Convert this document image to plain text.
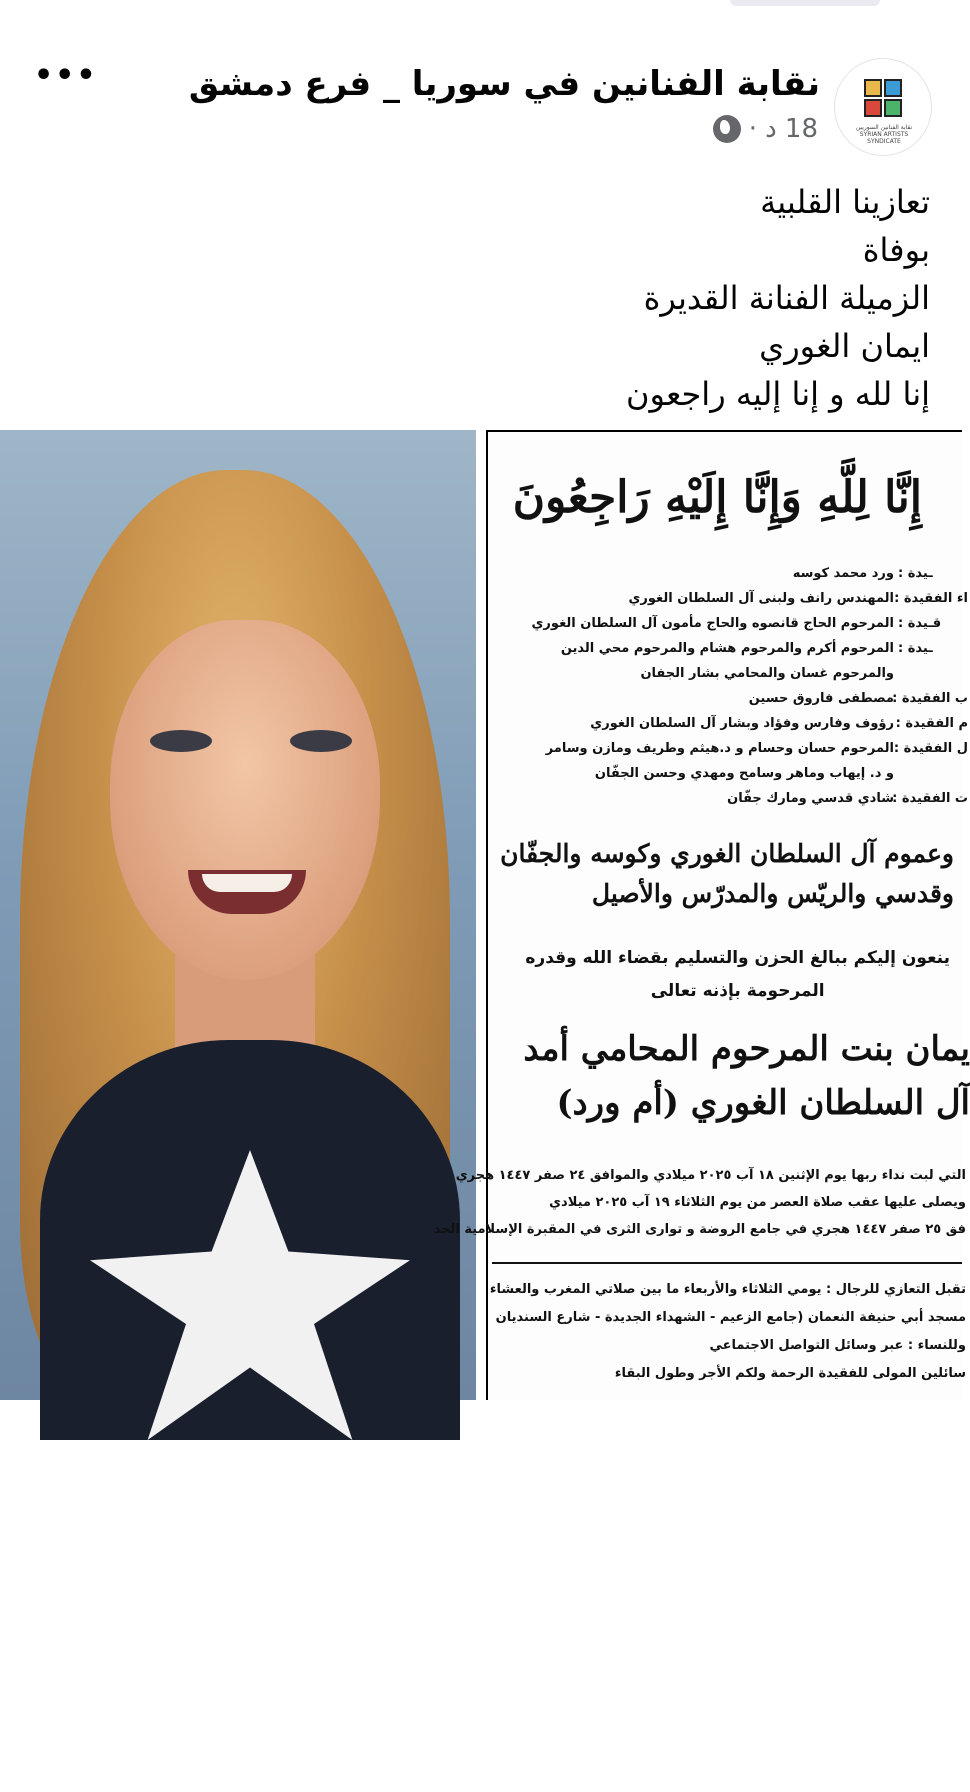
نقابة الفنانين السوريين SYRIAN ARTISTS SYNDICATE
نقابة الفنانين في سوريا _ فرع دمشق
18 د
·
•••
تعازينا القلبية
بوفاة
الزميلة الفنانة القديرة
ايمان الغوري
إنا لله و إنا إليه راجعون
elCinema
إِنَّا لِلَّهِ وَإِنَّا إِلَيْهِ رَاجِعُونَ
ـيدة :
ورد محمد كوسه
اء الفقيدة :
المهندس رانف ولبنى آل السلطان الغوري
قـيدة :
المرحوم الحاج قانصوه والحاج مأمون آل السلطان الغوري
ـيدة :
المرحوم أكرم والمرحوم هشام والمرحوم محي الدين
والمرحوم غسان والمحامي بشار الجفان
ب الفقيدة :
مصطفى فاروق حسين
م الفقيدة :
رؤوف وفارس وفؤاد وبشار آل السلطان الغوري
ل الفقيدة :
المرحوم حسان وحسام و د.هيثم وطريف ومازن وسامر
و د. إيهاب وماهر وسامح ومهدي وحسن الجفّان
ت الفقيدة :
شادي قدسي ومارك جفّان
وعموم آل السلطان الغوري وكوسه والجفّان
وقدسي والريّس والمدرّس والأصيل
ينعون إليكم ببالغ الحزن والتسليم بقضاء الله وقدره
المرحومة بإذنه تعالى
يمان بنت المرحوم المحامي أمد
آل السلطان الغوري (أم ورد)
التي لبت نداء ربها يوم الإثنين ١٨ آب ٢٠٢٥ ميلادي والموافق ٢٤ صفر ١٤٤٧ هجري
ويصلى عليها عقب صلاة العصر من يوم الثلاثاء ١٩ آب ٢٠٢٥ ميلادي
فق ٢٥ صفر ١٤٤٧ هجري في جامع الروضة و توارى الثرى في المقبرة الإسلامية الحد
تقبل التعازي للرجال : يومي الثلاثاء والأربعاء ما بين صلاتي المغرب والعشاء
مسجد أبي حنيفة النعمان (جامع الزعيم - الشهداء الجديدة - شارع السنديان
وللنساء : عبر وسائل التواصل الاجتماعي
سائلين المولى للفقيدة الرحمة ولكم الأجر وطول البقاء
